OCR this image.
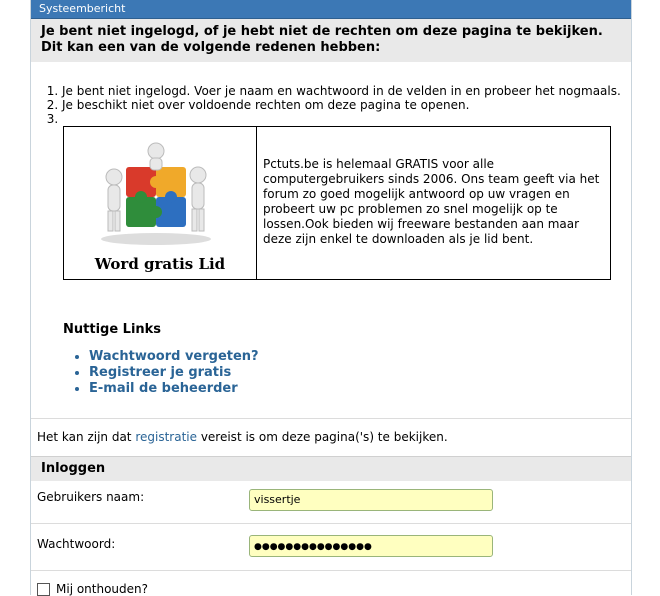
Systeembericht
Je bent niet ingelogd, of je hebt niet de rechten om deze pagina te bekijken. Dit kan een van de volgende redenen hebben:
1. Je bent niet ingelogd. Voer je naam en wachtwoord in de velden in en probeer het nogmaals.
2. Je beschikt niet over voldoende rechten om deze pagina te openen.
3.
Word gratis Lid
Pctuts.be is helemaal GRATIS voor alle computergebruikers sinds 2006. Ons team geeft via het forum zo goed mogelijk antwoord op uw vragen en probeert uw pc problemen zo snel mogelijk op te lossen.Ook bieden wij freeware bestanden aan maar deze zijn enkel te downloaden als je lid bent.
Nuttige Links
• Wachtwoord vergeten?
• Registreer je gratis
• E-mail de beheerder
Het kan zijn dat registratie vereist is om deze pagina('s) te bekijken.
Inloggen
Gebruikers naam:
vissertje
Wachtwoord:	●●●●●●●●●●●●●●●
Mij onthouden?
